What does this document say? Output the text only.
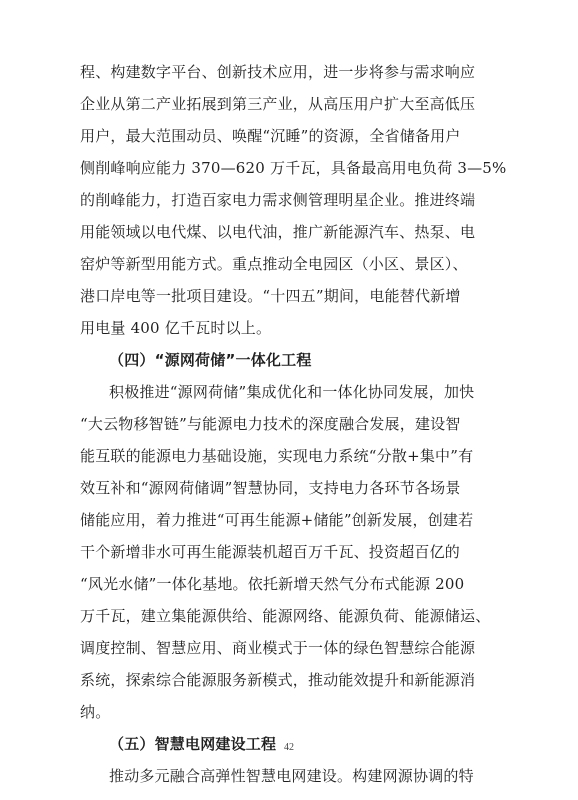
程、构建数字平台、创新技术应用，进一步将参与需求响应
企业从第二产业拓展到第三产业，从高压用户扩大至高低压
用户，最大范围动员、唤醒“沉睡”的资源，全省储备用户
侧削峰响应能力 370—620 万千瓦，具备最高用电负荷 3—5%
的削峰能力，打造百家电力需求侧管理明星企业。推进终端
用能领域以电代煤、以电代油，推广新能源汽车、热泵、电
窑炉等新型用能方式。重点推动全电园区（小区、景区）、
港口岸电等一批项目建设。“十四五”期间，电能替代新增
用电量 400 亿千瓦时以上。
（四）“源网荷储”一体化工程
积极推进“源网荷储”集成优化和一体化协同发展，加快
“大云物移智链”与能源电力技术的深度融合发展，建设智
能互联的能源电力基础设施，实现电力系统“分散+集中”有
效互补和“源网荷储调”智慧协同，支持电力各环节各场景
储能应用，着力推进“可再生能源+储能”创新发展，创建若
干个新增非水可再生能源装机超百万千瓦、投资超百亿的
“风光水储”一体化基地。依托新增天然气分布式能源 200
万千瓦，建立集能源供给、能源网络、能源负荷、能源储运、
调度控制、智慧应用、商业模式于一体的绿色智慧综合能源
系统，探索综合能源服务新模式，推动能效提升和新能源消
纳。
（五）智慧电网建设工程
推动多元融合高弹性智慧电网建设。构建网源协调的特
42
